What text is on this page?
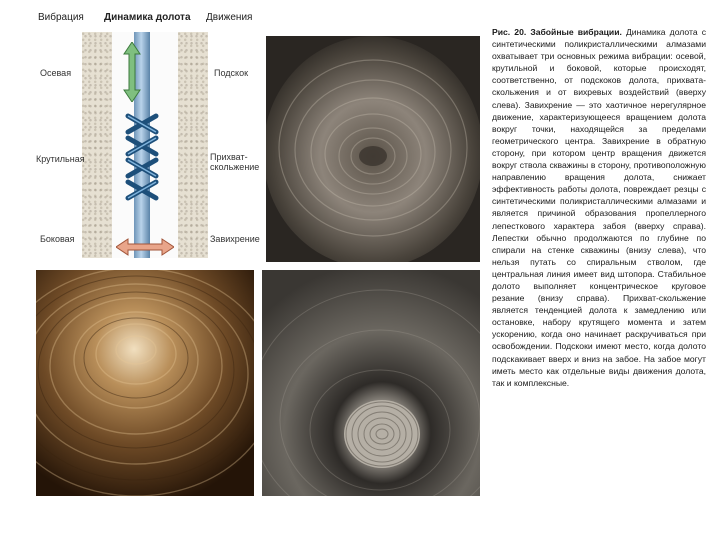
Вибрация Динамика долота Движения
Осевая
Крутильная
Боковая
Подскок
Прихват-
скольжение
Завихрение
Рис. 20. Забойные вибрации. Динамика долота с синтетическими поликристаллическими алмазами охватывает три основных режима вибрации: осевой, крутильной и боковой, которые происходят, соответственно, от подскоков долота, прихвата-скольжения и от вихревых воздействий (вверху слева). Завихрение — это хаотичное нерегулярное движение, характеризующееся вращением долота вокруг точки, находящейся за пределами геометрического центра. Завихрение в обратную сторону, при котором центр вращения движется вокруг ствола скважины в сторону, противоположную направлению вращения долота, снижает эффективность работы долота, повреждает резцы с синтетическими поликристаллическими алмазами и является причиной образования пропеллерного лепесткового характера забоя (вверху справа). Лепестки обычно продолжаются по глубине по спирали на стенке скважины (внизу слева), что нельзя путать со спиральным стволом, где центральная линия имеет вид штопора. Стабильное долото выполняет концентрическое круговое резание (внизу справа). Прихват-скольжение является тенденцией долота к замедлению или остановке, набору крутящего момента и затем ускорению, когда оно начинает раскручиваться при освобождении. Подскоки имеют место, когда долото подскакивает вверх и вниз на забое. На забое могут иметь место как отдельные виды движения долота, так и комплексные.
